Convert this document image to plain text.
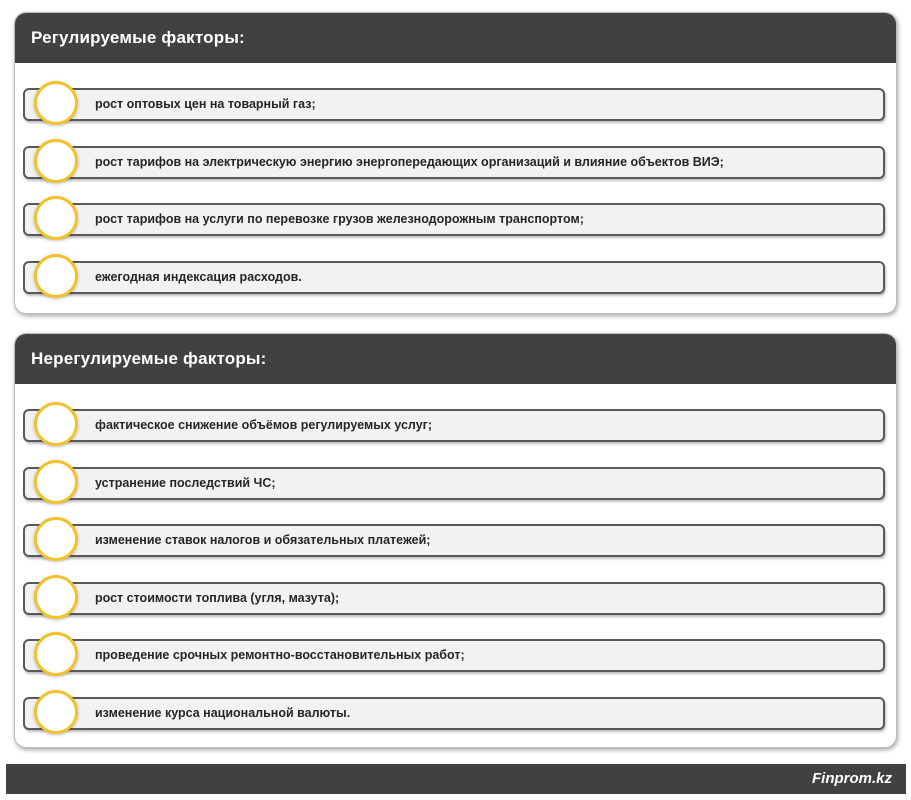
Регулируемые факторы:
рост оптовых цен на товарный газ;
рост тарифов на электрическую энергию энергопередающих организаций и влияние объектов ВИЭ;
рост тарифов на услуги по перевозке грузов железнодорожным транспортом;
ежегодная индексация расходов.
Нерегулируемые факторы:
фактическое снижение объёмов регулируемых услуг;
устранение последствий ЧС;
изменение ставок налогов и обязательных платежей;
рост стоимости топлива (угля, мазута);
проведение срочных ремонтно-восстановительных работ;
изменение курса национальной валюты.
Finprom.kz
